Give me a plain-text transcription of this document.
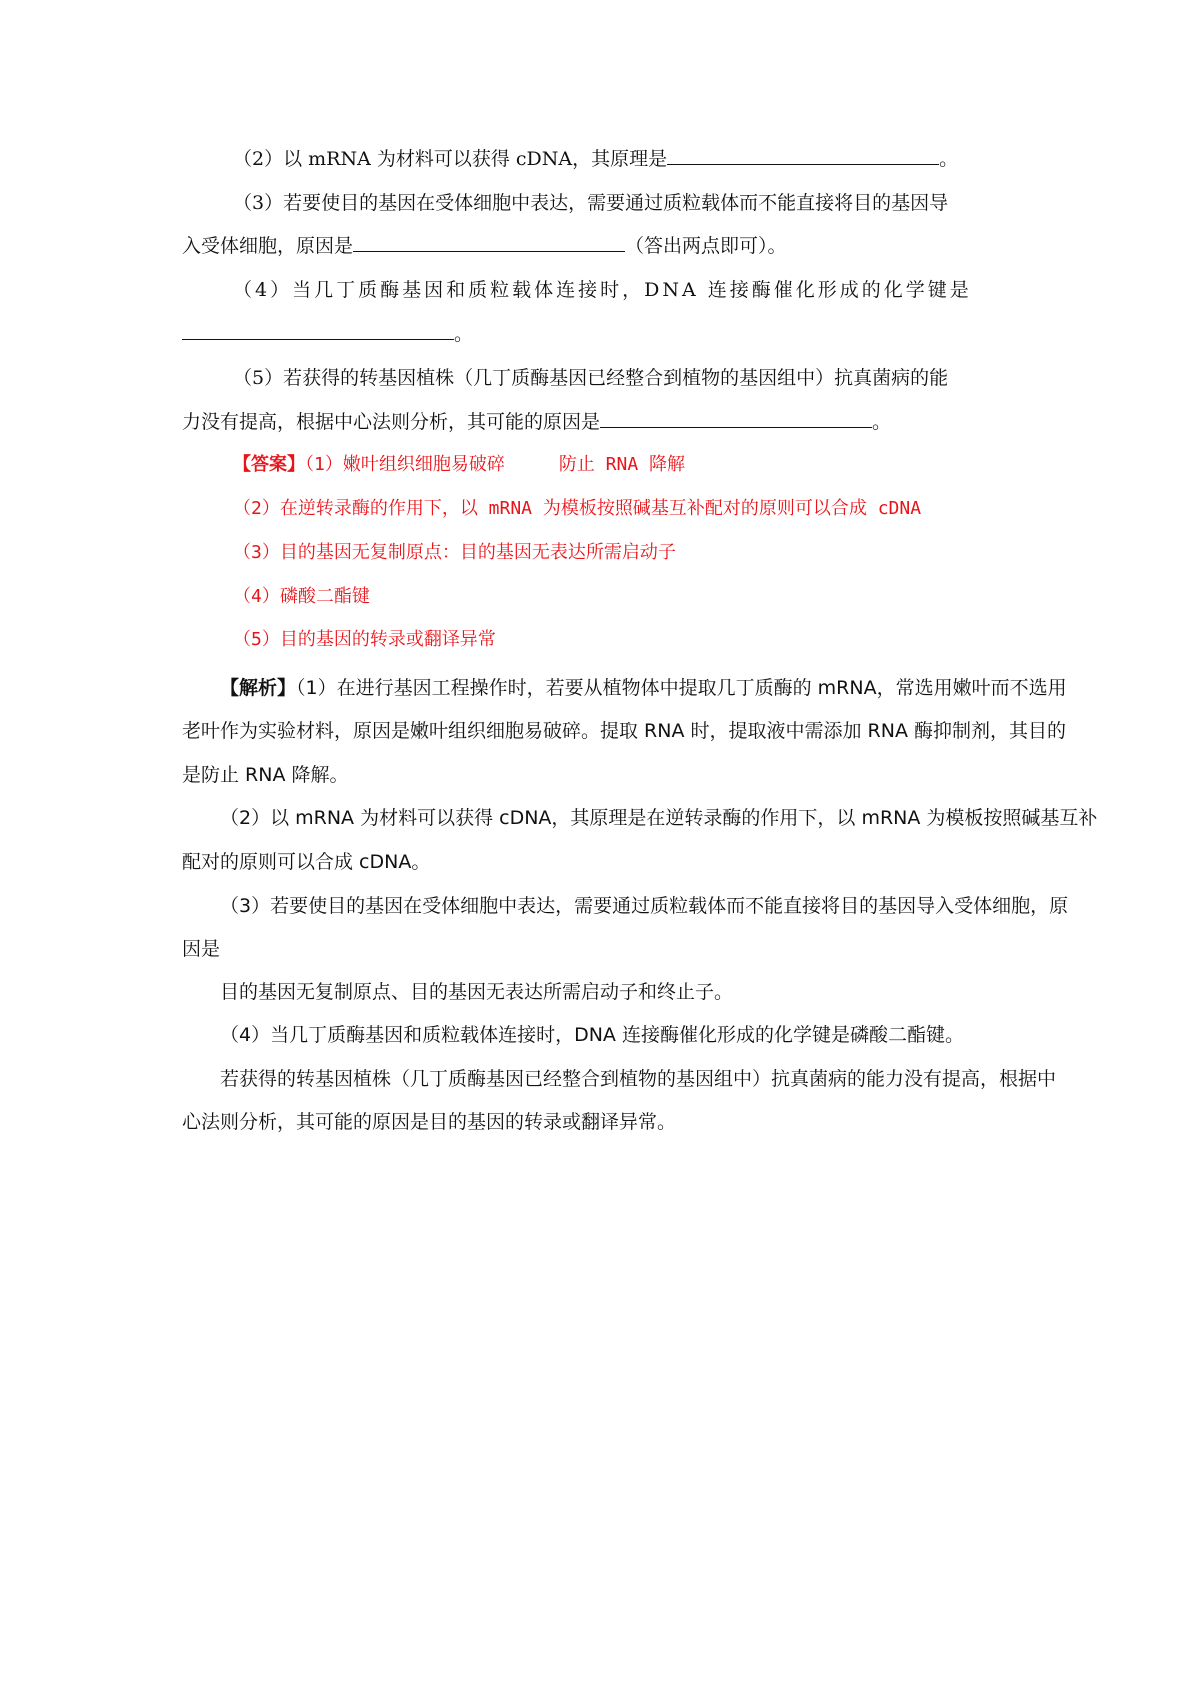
（2）以 mRNA 为材料可以获得 cDNA，其原理是	。
（3）若要使目的基因在受体细胞中表达，需要通过质粒载体而不能直接将目的基因导
入受体细胞，原因是	（答出两点即可）。
（4）当几丁质酶基因和质粒载体连接时，DNA 连接酶催化形成的化学键是
。
（5）若获得的转基因植株（几丁质酶基因已经整合到植物的基因组中）抗真菌病的能
力没有提高，根据中心法则分析，其可能的原因是	。
【答案】（1）嫩叶组织细胞易破碎	防止 RNA 降解
（2）在逆转录酶的作用下，以 mRNA 为模板按照碱基互补配对的原则可以合成 cDNA
（3）目的基因无复制原点：目的基因无表达所需启动子
（4）磷酸二酯键
（5）目的基因的转录或翻译异常
【解析】（1）在进行基因工程操作时，若要从植物体中提取几丁质酶的 mRNA，常选用嫩叶而不选用
老叶作为实验材料，原因是嫩叶组织细胞易破碎。提取 RNA 时，提取液中需添加 RNA 酶抑制剂，其目的
是防止 RNA 降解。
（2）以 mRNA 为材料可以获得 cDNA，其原理是在逆转录酶的作用下，以 mRNA 为模板按照碱基互补
配对的原则可以合成 cDNA。
（3）若要使目的基因在受体细胞中表达，需要通过质粒载体而不能直接将目的基因导入受体细胞，原
因是
目的基因无复制原点、目的基因无表达所需启动子和终止子。
（4）当几丁质酶基因和质粒载体连接时，DNA 连接酶催化形成的化学键是磷酸二酯键。
若获得的转基因植株（几丁质酶基因已经整合到植物的基因组中）抗真菌病的能力没有提高，根据中
心法则分析，其可能的原因是目的基因的转录或翻译异常。
